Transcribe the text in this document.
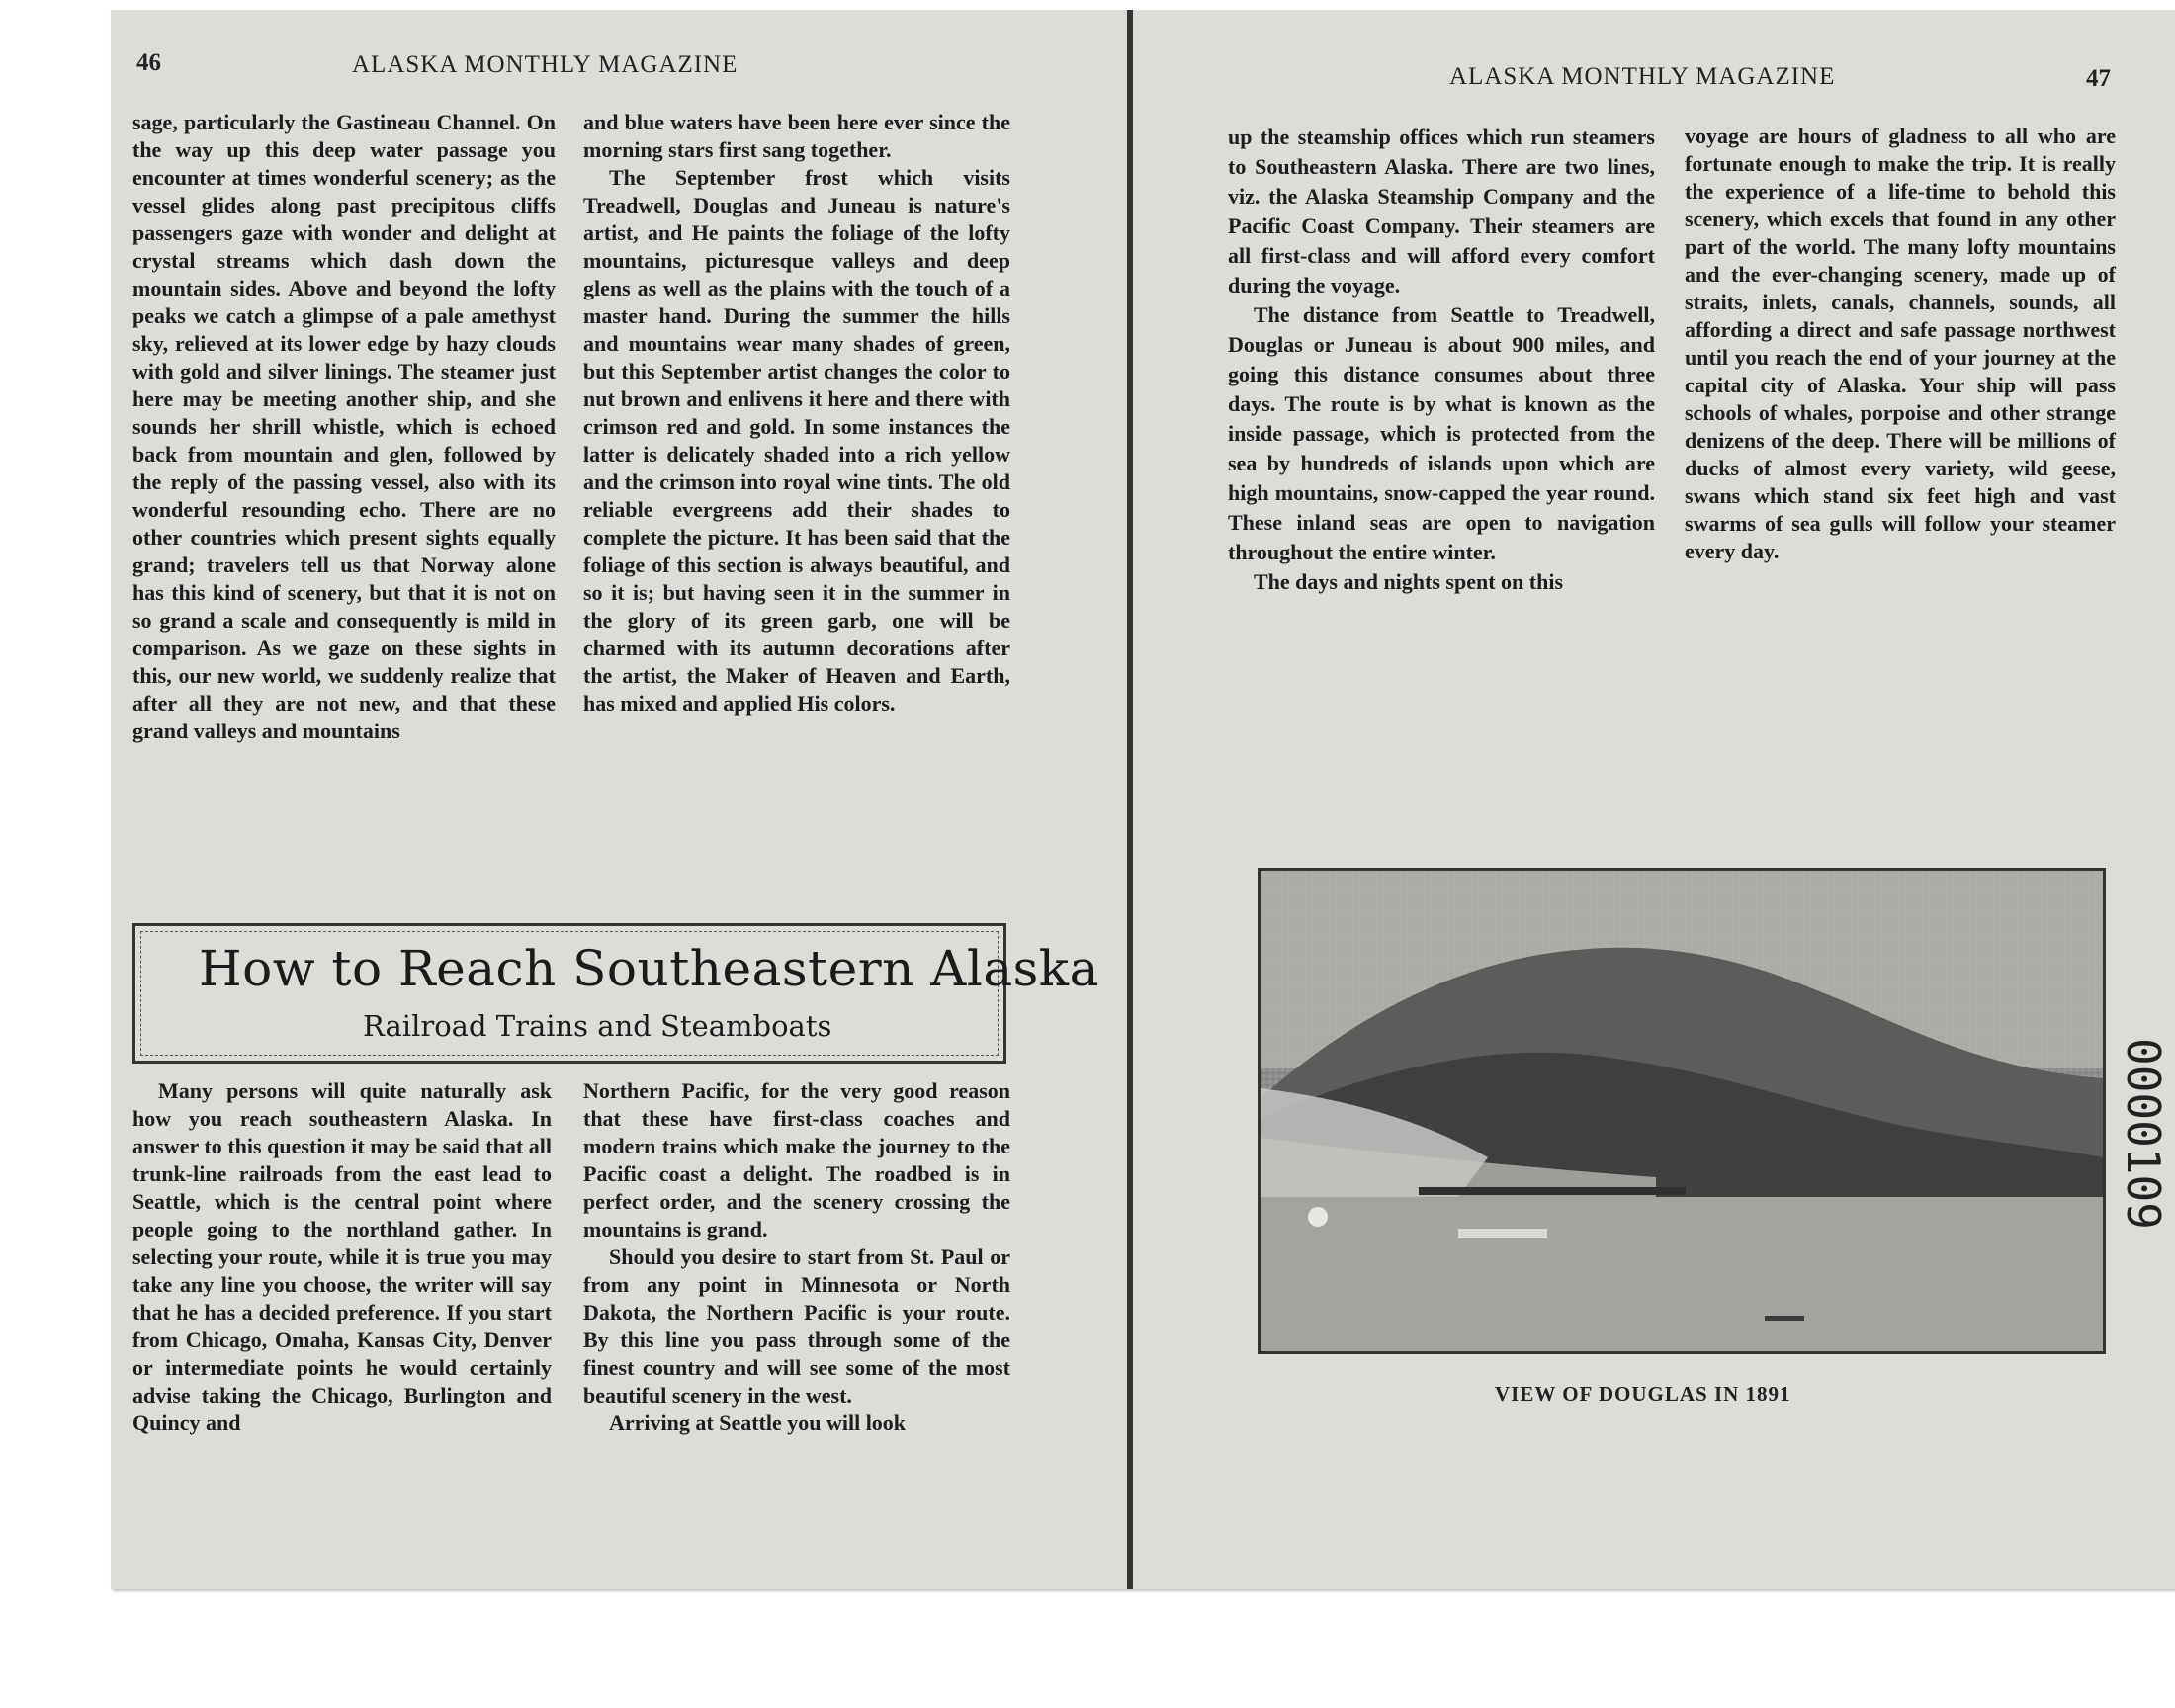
46	ALASKA MONTHLY MAGAZINE

sage, particularly the Gastineau Channel. On the way up this deep water passage you encounter at times wonderful scenery; as the vessel glides along past precipitous cliffs passengers gaze with wonder and delight at crystal streams which dash down the mountain sides. Above and beyond the lofty peaks we catch a glimpse of a pale amethyst sky, relieved at its lower edge by hazy clouds with gold and silver linings. The steamer just here may be meeting another ship, and she sounds her shrill whistle, which is echoed back from mountain and glen, followed by the reply of the passing vessel, also with its wonderful resounding echo. There are no other countries which present sights equally grand; travelers tell us that Norway alone has this kind of scenery, but that it is not on so grand a scale and consequently is mild in comparison. As we gaze on these sights in this, our new world, we suddenly realize that after all they are not new, and that these grand valleys and mountains

and blue waters have been here ever since the morning stars first sang together.

The September frost which visits Treadwell, Douglas and Juneau is nature's artist, and He paints the foliage of the lofty mountains, picturesque valleys and deep glens as well as the plains with the touch of a master hand. During the summer the hills and mountains wear many shades of green, but this September artist changes the color to nut brown and enlivens it here and there with crimson red and gold. In some instances the latter is delicately shaded into a rich yellow and the crimson into royal wine tints. The old reliable evergreens add their shades to complete the picture. It has been said that the foliage of this section is always beautiful, and so it is; but having seen it in the summer in the glory of its green garb, one will be charmed with its autumn decorations after the artist, the Maker of Heaven and Earth, has mixed and applied His colors.

How to Reach Southeastern Alaska
Railroad Trains and Steamboats

Many persons will quite naturally ask how you reach southeastern Alaska. In answer to this question it may be said that all trunk-line railroads from the east lead to Seattle, which is the central point where people going to the northland gather. In selecting your route, while it is true you may take any line you choose, the writer will say that he has a decided preference. If you start from Chicago, Omaha, Kansas City, Denver or intermediate points he would certainly advise taking the Chicago, Burlington and Quincy and

Northern Pacific, for the very good reason that these have first-class coaches and modern trains which make the journey to the Pacific coast a delight. The roadbed is in perfect order, and the scenery crossing the mountains is grand.

Should you desire to start from St. Paul or from any point in Minnesota or North Dakota, the Northern Pacific is your route. By this line you pass through some of the finest country and will see some of the most beautiful scenery in the west.

Arriving at Seattle you will look

ALASKA MONTHLY MAGAZINE	47

up the steamship offices which run steamers to Southeastern Alaska. There are two lines, viz. the Alaska Steamship Company and the Pacific Coast Company. Their steamers are all first-class and will afford every comfort during the voyage.

The distance from Seattle to Treadwell, Douglas or Juneau is about 900 miles, and going this distance consumes about three days. The route is by what is known as the inside passage, which is protected from the sea by hundreds of islands upon which are high mountains, snow-capped the year round. These inland seas are open to navigation throughout the entire winter.

The days and nights spent on this

voyage are hours of gladness to all who are fortunate enough to make the trip. It is really the experience of a life-time to behold this scenery, which excels that found in any other part of the world. The many lofty mountains and the ever-changing scenery, made up of straits, inlets, canals, channels, sounds, all affording a direct and safe passage northwest until you reach the end of your journey at the capital city of Alaska. Your ship will pass schools of whales, porpoise and other strange denizens of the deep. There will be millions of ducks of almost every variety, wild geese, swans which stand six feet high and vast swarms of sea gulls will follow your steamer every day.

VIEW OF DOUGLAS IN 1891
0000109
